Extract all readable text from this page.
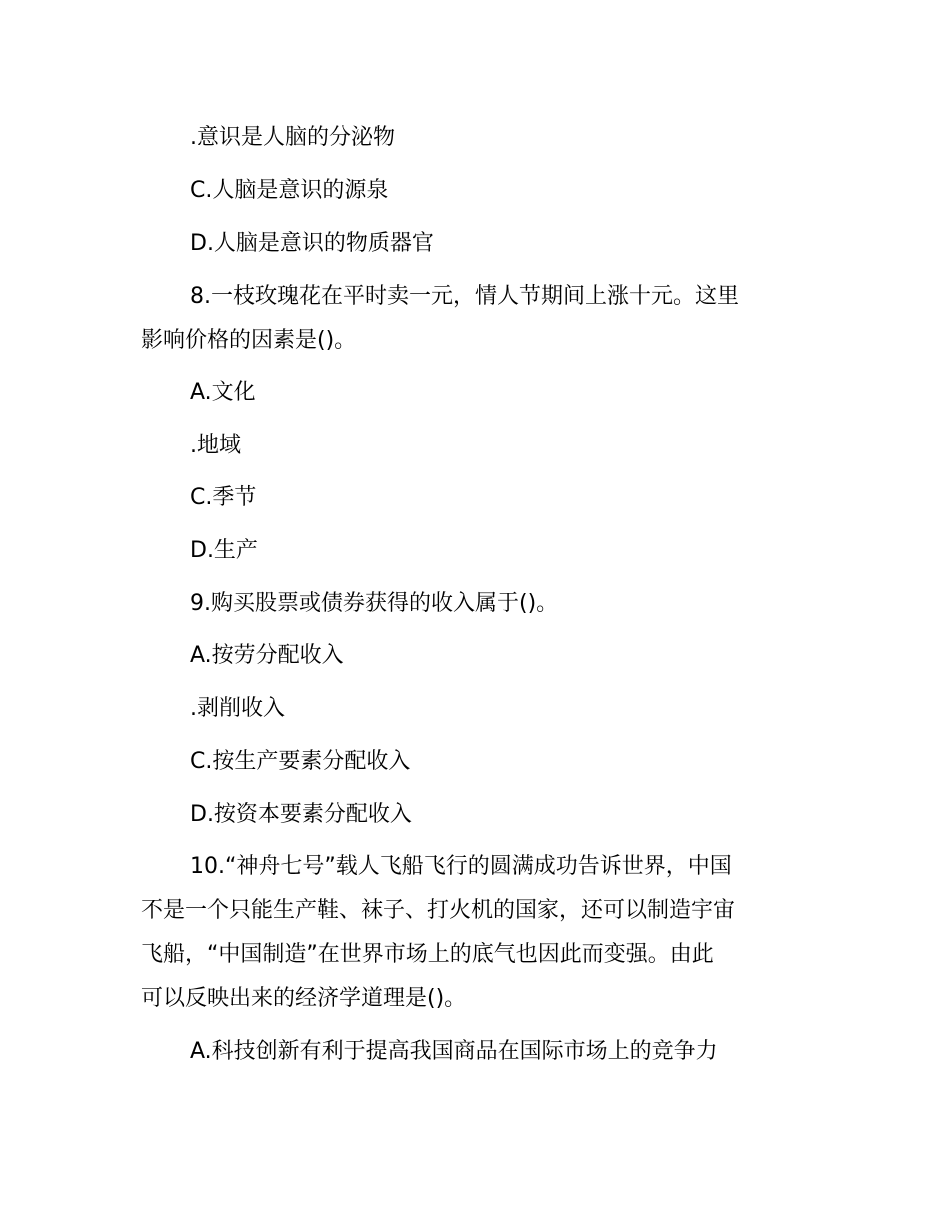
.意识是人脑的分泌物
C.人脑是意识的源泉
D.人脑是意识的物质器官
8.一枝玫瑰花在平时卖一元，情人节期间上涨十元。这里
影响价格的因素是()。
A.文化
.地域
C.季节
D.生产
9.购买股票或债券获得的收入属于()。
A.按劳分配收入
.剥削收入
C.按生产要素分配收入
D.按资本要素分配收入
10.“神舟七号”载人飞船飞行的圆满成功告诉世界，中国
不是一个只能生产鞋、袜子、打火机的国家，还可以制造宇宙
飞船，“中国制造”在世界市场上的底气也因此而变强。由此
可以反映出来的经济学道理是()。
A.科技创新有利于提高我国商品在国际市场上的竞争力
